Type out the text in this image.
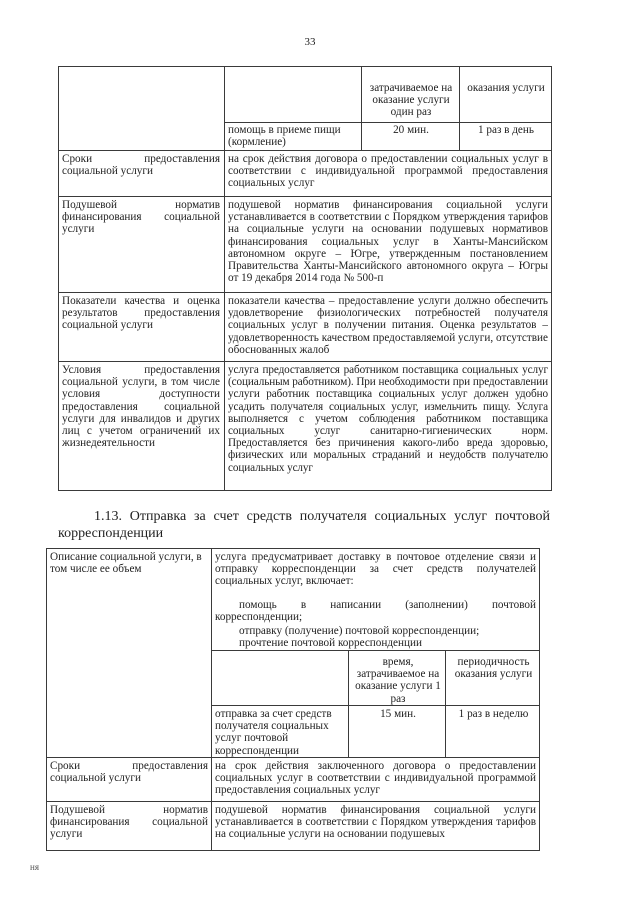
33
затрачиваемое на оказание услуги один раз
оказания услуги
помощь в приеме пищи (кормление)
20 мин.	1 раз в день
Сроки предоставления социальной услуги
на срок действия договора о предоставлении социальных услуг в соответствии с индивидуальной программой предоставления социальных услуг
Подушевой норматив финансирования социальной услуги
подушевой норматив финансирования социальной услуги устанавливается в соответствии с Порядком утверждения тарифов на социальные услуги на основании подушевых нормативов финансирования социальных услуг в Ханты-Мансийском автономном округе – Югре, утвержденным постановлением Правительства Ханты-Мансийского автономного округа – Югры от 19 декабря 2014 года № 500-п
Показатели качества и оценка результатов предоставления социальной услуги
показатели качества – предоставление услуги должно обеспечить удовлетворение физиологических потребностей получателя социальных услуг в получении питания. Оценка результатов – удовлетворенность качеством предоставляемой услуги, отсутствие обоснованных жалоб
Условия предоставления социальной услуги, в том числе условия доступности предоставления социальной услуги для инвалидов и других лиц с учетом ограничений их жизнедеятельности
услуга предоставляется работником поставщика социальных услуг (социальным работником). При необходимости при предоставлении услуги работник поставщика социальных услуг должен удобно усадить получателя социальных услуг, измельчить пищу. Услуга выполняется с учетом соблюдения работником поставщика социальных услуг санитарно-гигиенических норм. Предоставляется без причинения какого-либо вреда здоровью, физических или моральных страданий и неудобств получателю социальных услуг
1.13. Отправка за счет средств получателя социальных услуг почтовой корреспонденции
Описание социальной услуги, в том числе ее объем
услуга предусматривает доставку в почтовое отделение связи и отправку корреспонденции за счет средств получателей социальных услуг, включает:
помощь в написании (заполнении) почтовой корреспонденции;
отправку (получение) почтовой корреспонденции;
прочтение почтовой корреспонденции
время, затрачиваемое на оказание услуги 1 раз
периодичность оказания услуги
отправка за счет средств получателя социальных услуг почтовой корреспонденции
15 мин.	1 раз в неделю
Сроки предоставления социальной услуги
на срок действия заключенного договора о предоставлении социальных услуг в соответствии с индивидуальной программой предоставления социальных услуг
Подушевой норматив финансирования социальной услуги
подушевой норматив финансирования социальной услуги устанавливается в соответствии с Порядком утверждения тарифов на социальные услуги на основании подушевых
ня
